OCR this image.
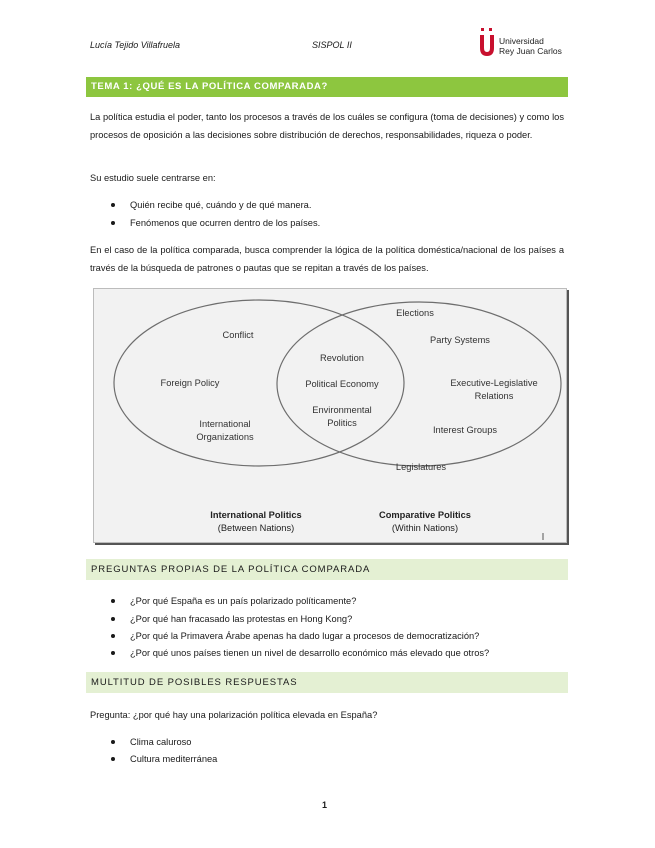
Lucía Tejido Villafruela	SISPOL II	Universidad
Rey Juan Carlos
TEMA 1: ¿QUÉ ES LA POLÍTICA COMPARADA?
La política estudia el poder, tanto los procesos a través de los cuáles se configura (toma de decisiones) y como los procesos de oposición a las decisiones sobre distribución de derechos, responsabilidades, riqueza o poder.
Su estudio suele centrarse en:
Quién recibe qué, cuándo y de qué manera.
Fenómenos que ocurren dentro de los países.
En el caso de la política comparada, busca comprender la lógica de la política doméstica/nacional de los países a través de la búsqueda de patrones o pautas que se repitan a través de los países.
Conflict
Foreign Policy
International Organizations
Revolution
Political Economy
Environmental Politics
Elections
Party Systems
Executive-Legislative Relations
Interest Groups
Legislatures
International Politics
(Between Nations)
Comparative Politics
(Within Nations)
PREGUNTAS PROPIAS DE LA POLÍTICA COMPARADA
¿Por qué España es un país polarizado políticamente?
¿Por qué han fracasado las protestas en Hong Kong?
¿Por qué la Primavera Árabe apenas ha dado lugar a procesos de democratización?
¿Por qué unos países tienen un nivel de desarrollo económico más elevado que otros?
MULTITUD DE POSIBLES RESPUESTAS
Pregunta: ¿por qué hay una polarización política elevada en España?
Clima caluroso
Cultura mediterránea
1
